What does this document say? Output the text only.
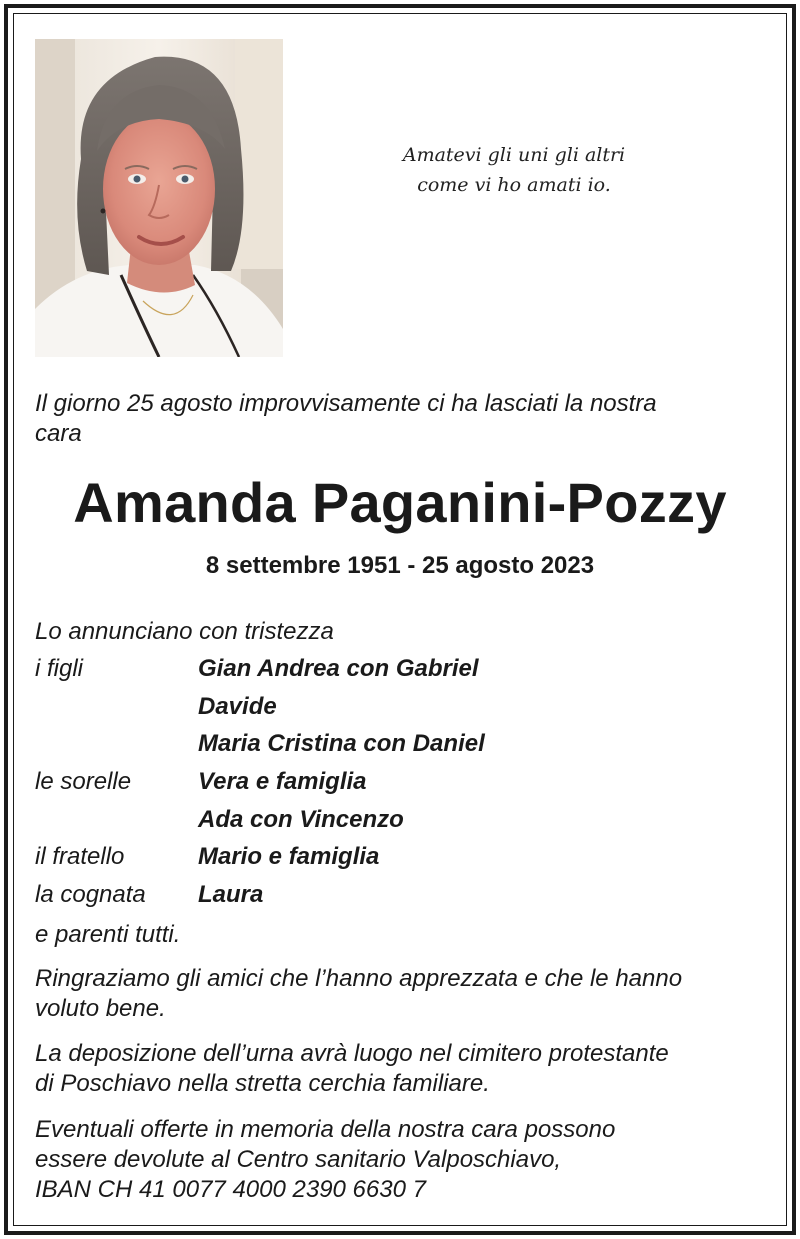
Amatevi gli uni gli altri
come vi ho amati io.
Il giorno 25 agosto improvvisamente ci ha lasciati la nostra
cara
Amanda Paganini-Pozzy
8 settembre 1951 - 25 agosto 2023
Lo annunciano con tristezza
i figli	Gian Andrea con Gabriel
Davide
Maria Cristina con Daniel
le sorelle	Vera e famiglia
Ada con Vincenzo
il fratello	Mario e famiglia
la cognata Laura
e parenti tutti.
Ringraziamo gli amici che l’hanno apprezzata e che le hanno
voluto bene.
La deposizione dell’urna avrà luogo nel cimitero protestante
di Poschiavo nella stretta cerchia familiare.
Eventuali offerte in memoria della nostra cara possono
essere devolute al Centro sanitario Valposchiavo,
IBAN CH 41 0077 4000 2390 6630 7
